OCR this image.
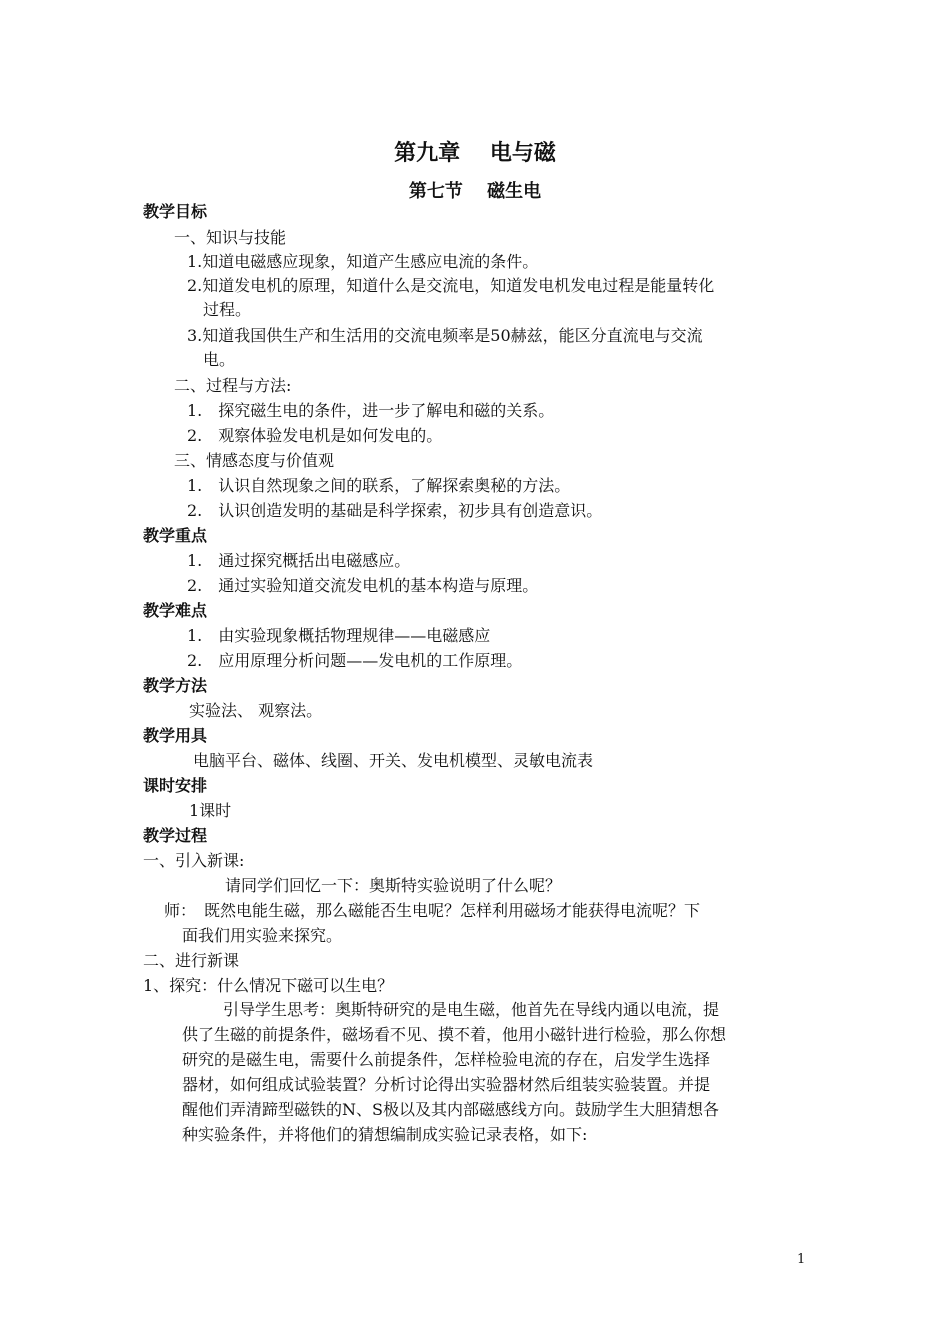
第九章　 电与磁
第七节　 磁生电
教学目标
一、知识与技能
1.知道电磁感应现象，知道产生感应电流的条件。
2.知道发电机的原理，知道什么是交流电，知道发电机发电过程是能量转化
过程。
3.知道我国供生产和生活用的交流电频率是50赫兹，能区分直流电与交流
电。
二、过程与方法:
1.　探究磁生电的条件，进一步了解电和磁的关系。
2.　观察体验发电机是如何发电的。
三、情感态度与价值观
1.　认识自然现象之间的联系，了解探索奥秘的方法。
2.　认识创造发明的基础是科学探索，初步具有创造意识。
教学重点
1.　通过探究概括出电磁感应。
2.　通过实验知道交流发电机的基本构造与原理。
教学难点
1.　由实验现象概括物理规律——电磁感应
2.　应用原理分析问题——发电机的工作原理。
教学方法
实验法、 观察法。
教学用具
电脑平台、磁体、线圈、开关、发电机模型、灵敏电流表
课时安排
1课时
教学过程
一、引入新课:
请同学们回忆一下：奥斯特实验说明了什么呢？
师：　既然电能生磁，那么磁能否生电呢？怎样利用磁场才能获得电流呢？下
面我们用实验来探究。
二、进行新课
1、探究：什么情况下磁可以生电？
引导学生思考：奥斯特研究的是电生磁，他首先在导线内通以电流，提
供了生磁的前提条件，磁场看不见、摸不着，他用小磁针进行检验，那么你想
研究的是磁生电，需要什么前提条件，怎样检验电流的存在，启发学生选择
器材，如何组成试验装置？分析讨论得出实验器材然后组装实验装置。并提
醒他们弄清蹄型磁铁的N、S极以及其内部磁感线方向。鼓励学生大胆猜想各
种实验条件，并将他们的猜想编制成实验记录表格，如下:
1
